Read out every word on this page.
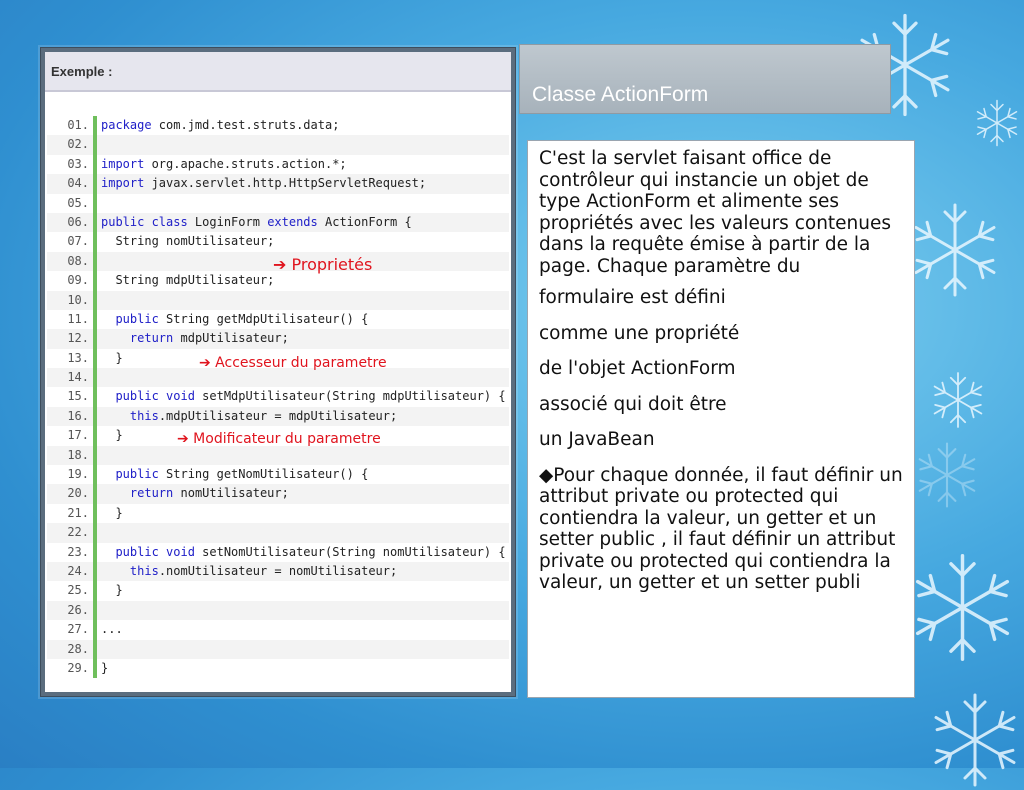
Exemple :
01. package com.jmd.test.struts.data;
02.
03. import org.apache.struts.action.*;
04. import javax.servlet.http.HttpServletRequest;
05.
06. public class LoginForm extends ActionForm {
07. String nomUtilisateur;
08.
09. String mdpUtilisateur;
10.
11.	public String getMdpUtilisateur() {
12.	return mdpUtilisateur;
13. }
14.
15.	public void setMdpUtilisateur(String mdpUtilisateur) {
16.	this.mdpUtilisateur = mdpUtilisateur;
17. }
18.
19.	public String getNomUtilisateur() {
20.	return nomUtilisateur;
21. }
22.
23.	public void setNomUtilisateur(String nomUtilisateur) {
24.	this.nomUtilisateur = nomUtilisateur;
25. }
26.
27. ...
28.
29. }
➔ Proprietés
➔ Accesseur du parametre
➔ Modificateur du parametre
Classe ActionForm

C'est la servlet faisant office de contrôleur qui instancie un objet de type ActionForm et alimente ses propriétés avec les valeurs contenues dans la requête émise à partir de la page. Chaque paramètre du

formulaire est défini

comme une propriété

de l'objet ActionForm

associé qui doit être

un JavaBean

◆Pour chaque donnée, il faut définir un attribut private ou protected qui contiendra la valeur, un getter et un setter public , il faut définir un attribut private ou protected qui contiendra la valeur, un getter et un setter publi
